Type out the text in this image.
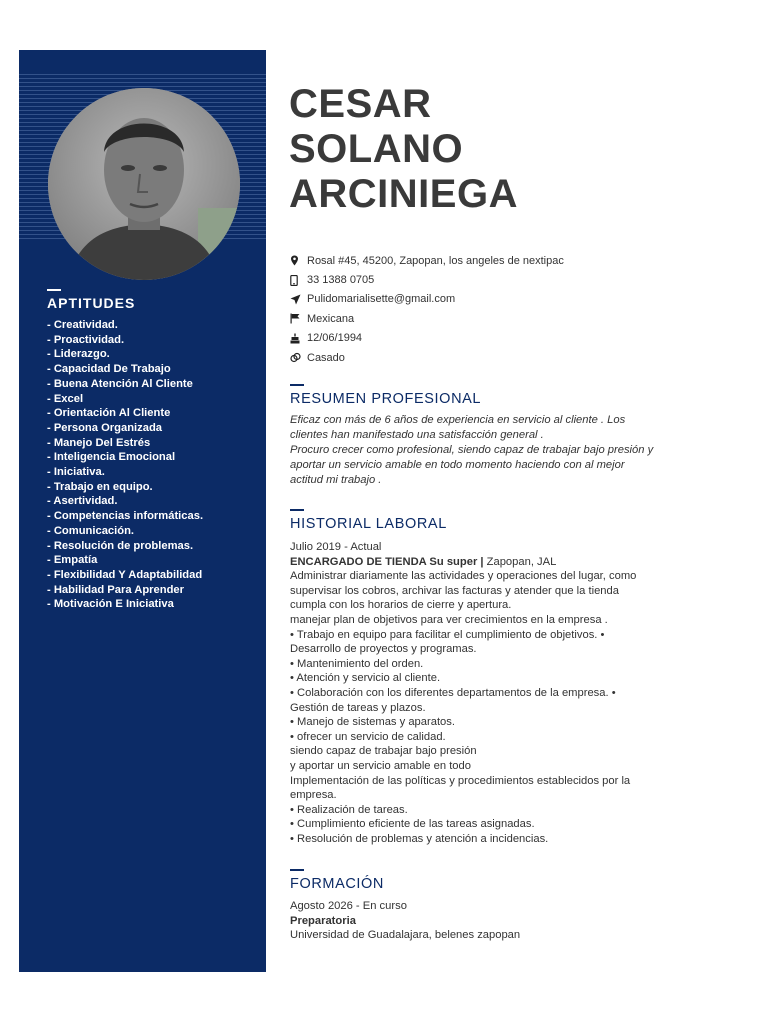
APTITUDES
- Creatividad.
- Proactividad.
- Liderazgo.
- Capacidad De Trabajo
- Buena Atención Al Cliente
- Excel
- Orientación Al Cliente
- Persona Organizada
- Manejo Del Estrés
- Inteligencia Emocional
- Iniciativa.
- Trabajo en equipo.
- Asertividad.
- Competencias informáticas.
- Comunicación.
- Resolución de problemas.
- Empatía
- Flexibilidad Y Adaptabilidad
- Habilidad Para Aprender
- Motivación E Iniciativa
CESAR
SOLANO
ARCINIEGA
Rosal #45, 45200, Zapopan, los angeles de nextipac
33 1388 0705
Pulidomarialisette@gmail.com
Mexicana
12/06/1994
Casado
RESUMEN PROFESIONAL
Eficaz con más de 6 años de experiencia en servicio al cliente . Los
clientes han manifestado una satisfacción general .
Procuro crecer como profesional, siendo capaz de trabajar bajo presión y
aportar un servicio amable en todo momento haciendo con al mejor
actitud mi trabajo .
HISTORIAL LABORAL
Julio 2019 - Actual
ENCARGADO DE TIENDA Su super | Zapopan, JAL
Administrar diariamente las actividades y operaciones del lugar, como
supervisar los cobros, archivar las facturas y atender que la tienda
cumpla con los horarios de cierre y apertura.
manejar plan de objetivos para ver crecimientos en la empresa .
• Trabajo en equipo para facilitar el cumplimiento de objetivos. •
Desarrollo de proyectos y programas.
• Mantenimiento del orden.
• Atención y servicio al cliente.
• Colaboración con los diferentes departamentos de la empresa. •
Gestión de tareas y plazos.
• Manejo de sistemas y aparatos.
• ofrecer un servicio de calidad.
siendo capaz de trabajar bajo presión
y aportar un servicio amable en todo
Implementación de las políticas y procedimientos establecidos por la
empresa.
• Realización de tareas.
• Cumplimiento eficiente de las tareas asignadas.
• Resolución de problemas y atención a incidencias.
FORMACIÓN
Agosto 2026 - En curso
Preparatoria
Universidad de Guadalajara, belenes zapopan
